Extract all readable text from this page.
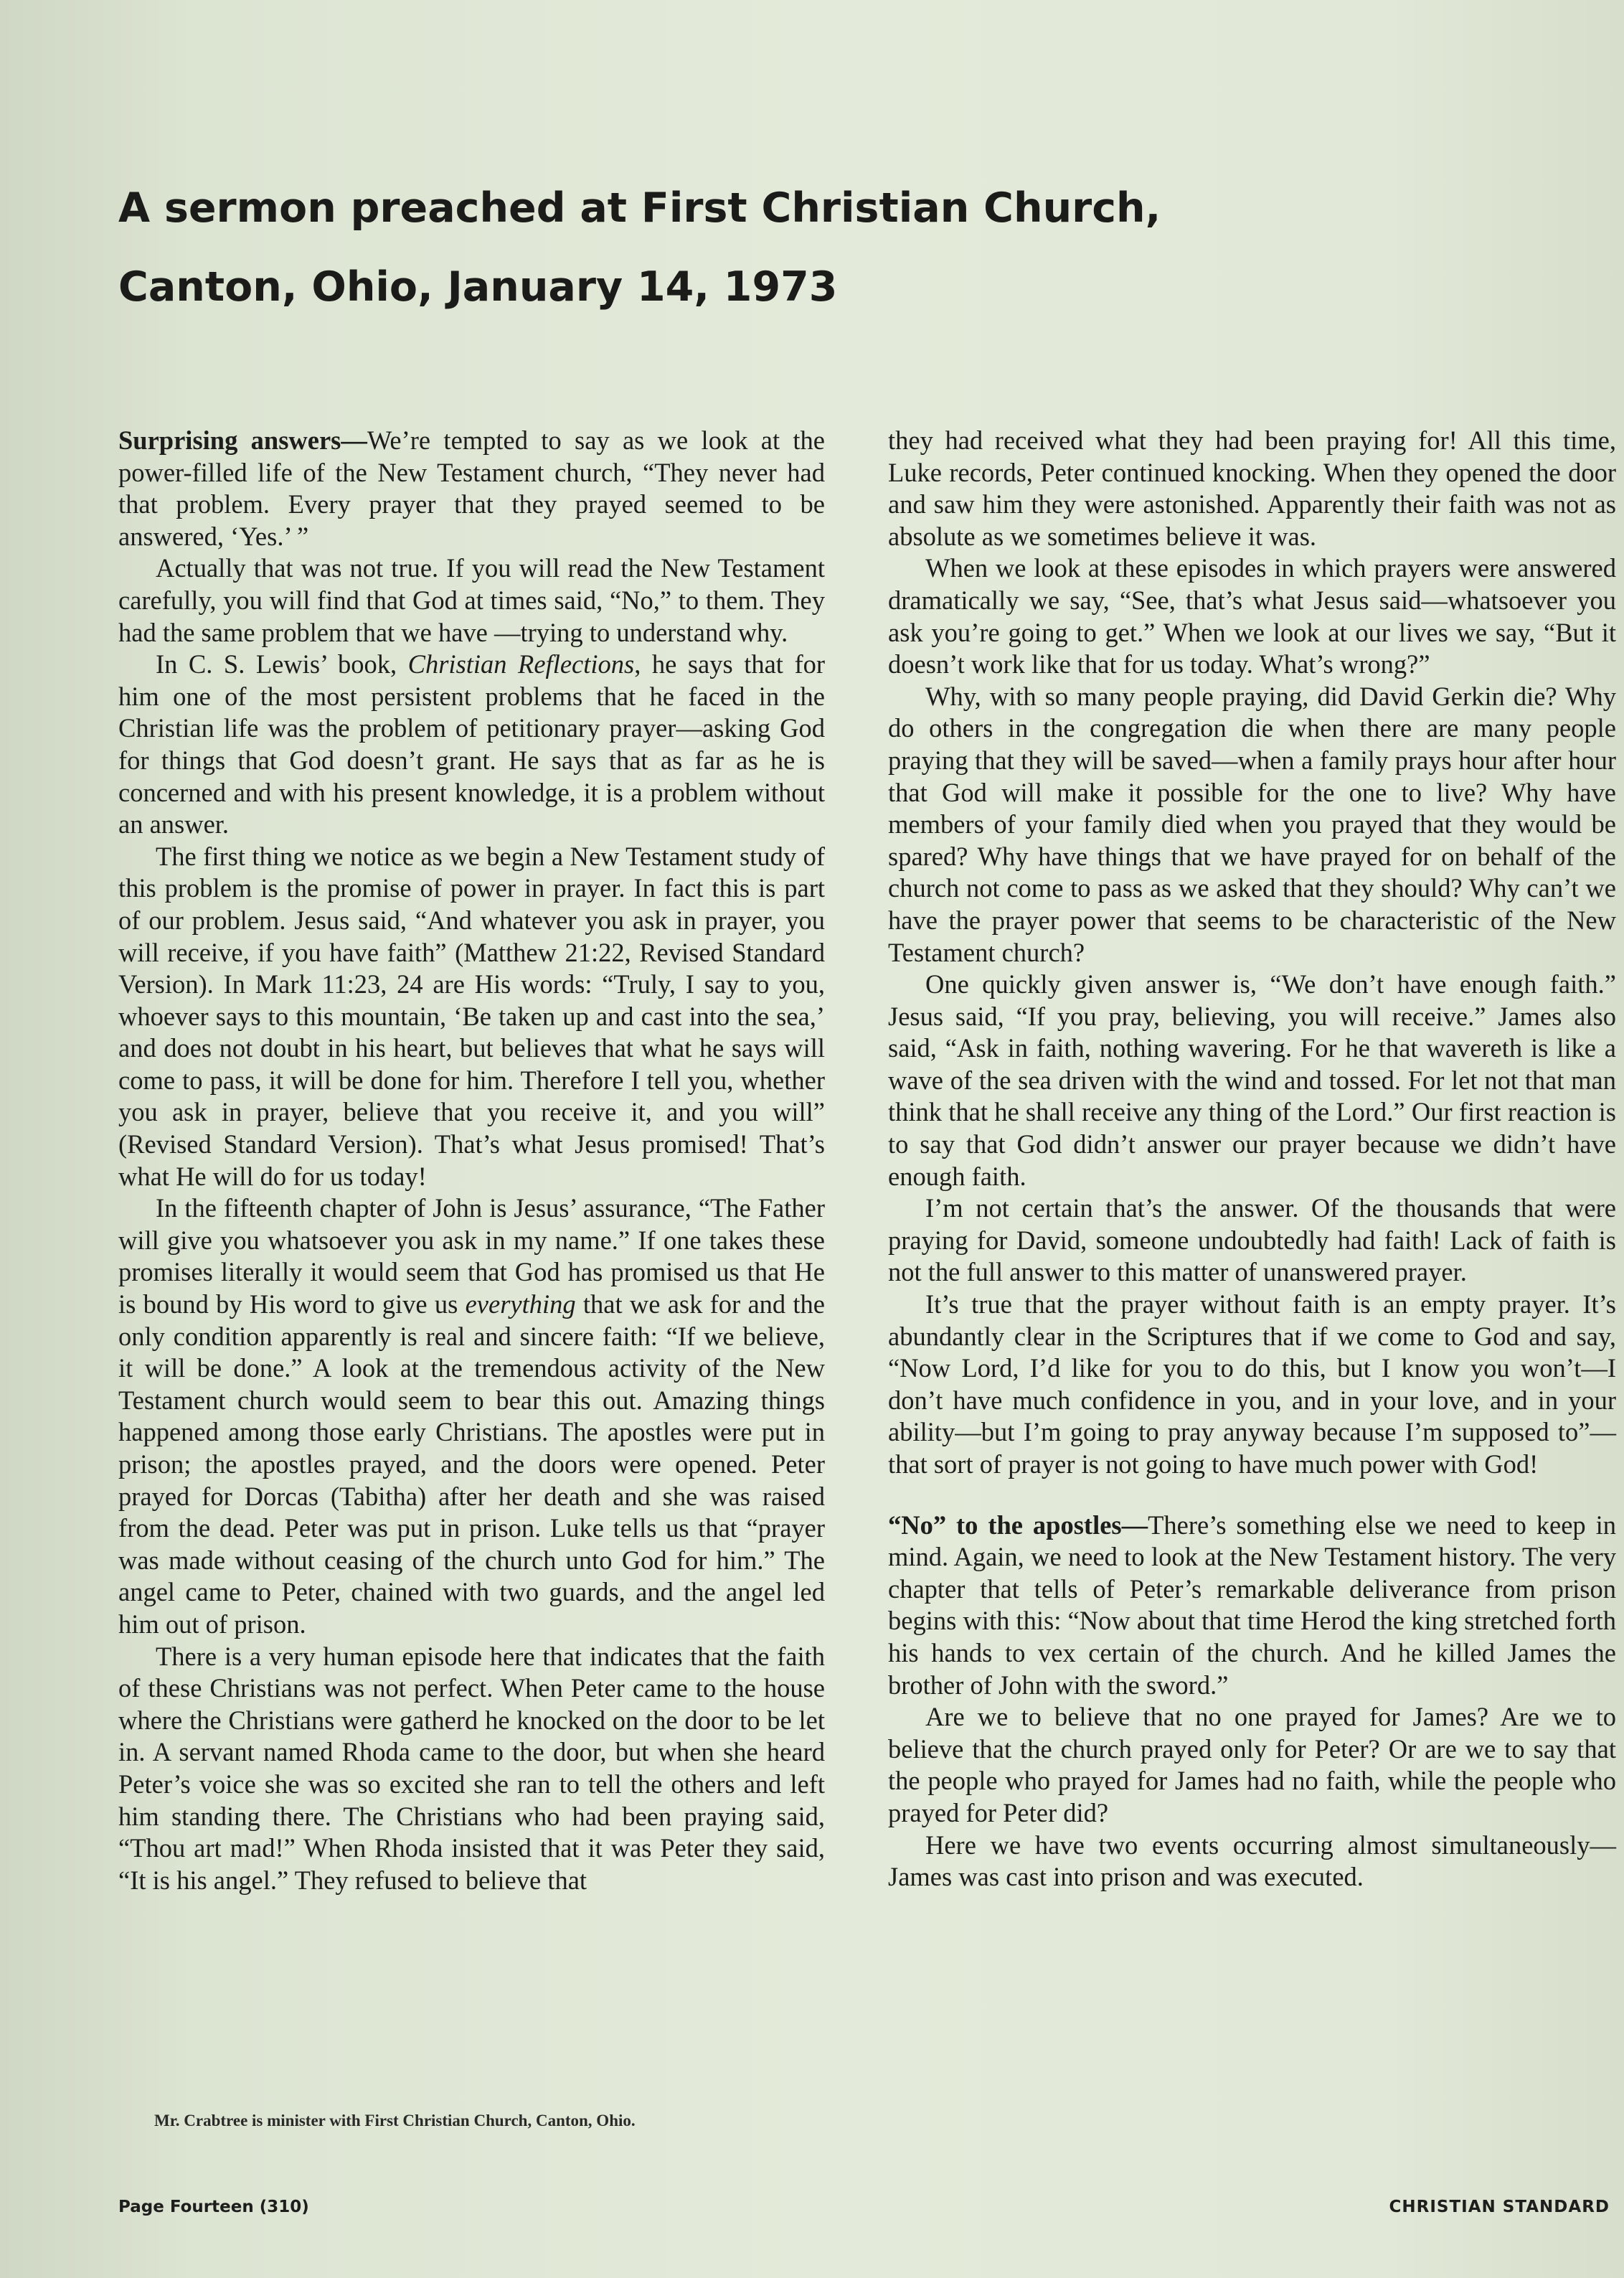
A sermon preached at First Christian Church,
Canton, Ohio, January 14, 1973

Surprising answers—We’re tempted to say as we look at the power-filled life of the New Testament church, “They never had that problem. Every prayer that they prayed seemed to be answered, ‘Yes.’ ”

Actually that was not true. If you will read the New Testament carefully, you will find that God at times said, “No,” to them. They had the same problem that we have —trying to understand why.

In C. S. Lewis’ book, Christian Reflections, he says that for him one of the most persistent problems that he faced in the Christian life was the problem of petitionary prayer—asking God for things that God doesn’t grant. He says that as far as he is concerned and with his present knowledge, it is a problem without an answer.

The first thing we notice as we begin a New Testament study of this problem is the promise of power in prayer. In fact this is part of our problem. Jesus said, “And whatever you ask in prayer, you will receive, if you have faith” (Matthew 21:22, Revised Standard Version). In Mark 11:23, 24 are His words: “Truly, I say to you, whoever says to this mountain, ‘Be taken up and cast into the sea,’ and does not doubt in his heart, but believes that what he says will come to pass, it will be done for him. Therefore I tell you, whether you ask in prayer, believe that you receive it, and you will” (Revised Standard Version). That’s what Jesus promised! That’s what He will do for us today!

In the fifteenth chapter of John is Jesus’ assurance, “The Father will give you whatsoever you ask in my name.” If one takes these promises literally it would seem that God has promised us that He is bound by His word to give us everything that we ask for and the only condition apparently is real and sincere faith: “If we believe, it will be done.” A look at the tremendous activity of the New Testament church would seem to bear this out. Amazing things happened among those early Christians. The apostles were put in prison; the apostles prayed, and the doors were opened. Peter prayed for Dorcas (Tabitha) after her death and she was raised from the dead. Peter was put in prison. Luke tells us that “prayer was made without ceasing of the church unto God for him.” The angel came to Peter, chained with two guards, and the angel led him out of prison.

There is a very human episode here that indicates that the faith of these Christians was not perfect. When Peter came to the house where the Christians were gatherd he knocked on the door to be let in. A servant named Rhoda came to the door, but when she heard Peter’s voice she was so excited she ran to tell the others and left him standing there. The Christians who had been praying said, “Thou art mad!” When Rhoda insisted that it was Peter they said, “It is his angel.” They refused to believe that

they had received what they had been praying for! All this time, Luke records, Peter continued knocking. When they opened the door and saw him they were astonished. Apparently their faith was not as absolute as we sometimes believe it was.

When we look at these episodes in which prayers were answered dramatically we say, “See, that’s what Jesus said—whatsoever you ask you’re going to get.” When we look at our lives we say, “But it doesn’t work like that for us today. What’s wrong?”

Why, with so many people praying, did David Gerkin die? Why do others in the congregation die when there are many people praying that they will be saved—when a family prays hour after hour that God will make it possible for the one to live? Why have members of your family died when you prayed that they would be spared? Why have things that we have prayed for on behalf of the church not come to pass as we asked that they should? Why can’t we have the prayer power that seems to be characteristic of the New Testament church?

One quickly given answer is, “We don’t have enough faith.” Jesus said, “If you pray, believing, you will receive.” James also said, “Ask in faith, nothing wavering. For he that wavereth is like a wave of the sea driven with the wind and tossed. For let not that man think that he shall receive any thing of the Lord.” Our first reaction is to say that God didn’t answer our prayer because we didn’t have enough faith.

I’m not certain that’s the answer. Of the thousands that were praying for David, someone undoubtedly had faith! Lack of faith is not the full answer to this matter of unanswered prayer.

It’s true that the prayer without faith is an empty prayer. It’s abundantly clear in the Scriptures that if we come to God and say, “Now Lord, I’d like for you to do this, but I know you won’t—I don’t have much confidence in you, and in your love, and in your ability—but I’m going to pray anyway because I’m supposed to”—that sort of prayer is not going to have much power with God!

“No” to the apostles—There’s something else we need to keep in mind. Again, we need to look at the New Testament history. The very chapter that tells of Peter’s remarkable deliverance from prison begins with this: “Now about that time Herod the king stretched forth his hands to vex certain of the church. And he killed James the brother of John with the sword.”

Are we to believe that no one prayed for James? Are we to believe that the church prayed only for Peter? Or are we to say that the people who prayed for James had no faith, while the people who prayed for Peter did?

Here we have two events occurring almost simultaneously—James was cast into prison and was executed.

Mr. Crabtree is minister with First Christian Church, Canton, Ohio.

Page Fourteen (310)	CHRISTIAN STANDARD
